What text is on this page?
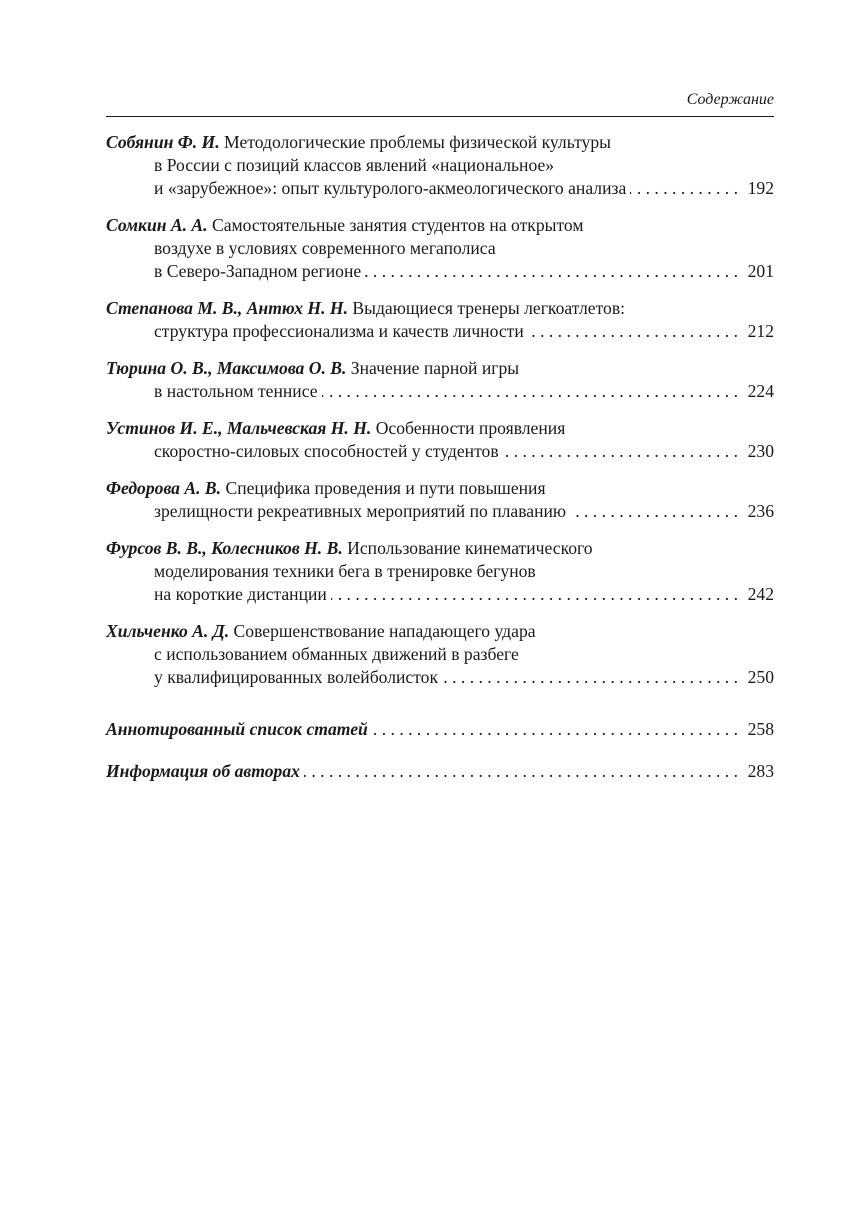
Содержание
Собянин Ф. И. Методологические проблемы физической культуры
в России с позиций классов явлений «национальное»
и «зарубежное»: опыт культуролого-акмеологического анализа . . .	192
Сомкин А. А. Самостоятельные занятия студентов на открытом
воздухе в условиях современного мегаполиса
в Северо-Западном регионе . . .	201
Степанова М. В., Антюх Н. Н. Выдающиеся тренеры легкоатлетов:
структура профессионализма и качеств личности . . .	212
Тюрина О. В., Максимова О. В. Значение парной игры
в настольном теннисе . . .	224
Устинов И. Е., Мальчевская Н. Н. Особенности проявления
скоростно-силовых способностей у студентов . . .	230
Федорова А. В. Специфика проведения и пути повышения
зрелищности рекреативных мероприятий по плаванию . . .	236
Фурсов В. В., Колесников Н. В. Использование кинематического
моделирования техники бега в тренировке бегунов
на короткие дистанции . . .	242
Хильченко А. Д. Совершенствование нападающего удара
с использованием обманных движений в разбеге
у квалифицированных волейболисток . . .	250
Аннотированный список статей . . .	258
Информация об авторах . . .	283
